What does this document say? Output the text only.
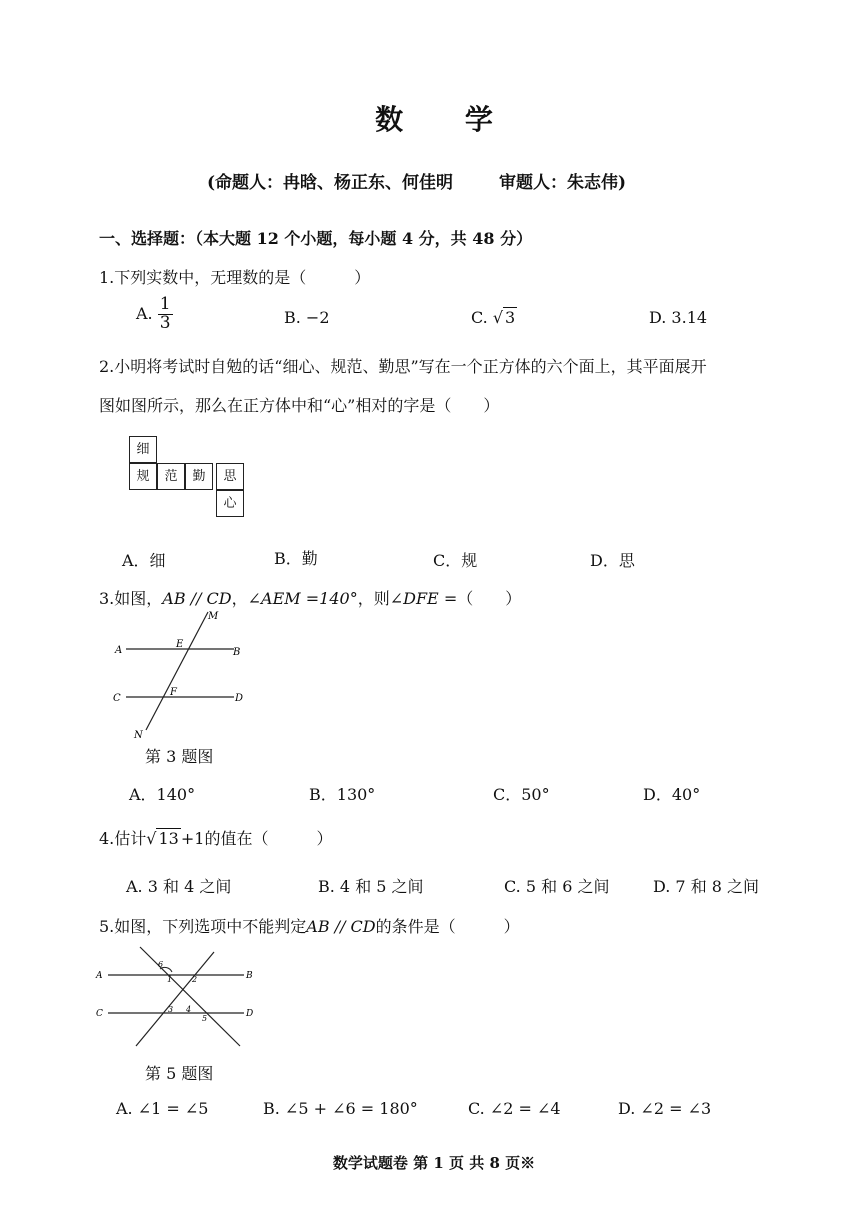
数 学
(命题人：冉晗、杨正东、何佳明	审题人：朱志伟)
一、选择题：（本大题 12 个小题，每小题 4 分，共 48 分）
1.下列实数中，无理数的是（　　　）
A. $\frac{1}{3}$	B. −2	C. √ 3	D. 3.14
2.小明将考试时自勉的话“细心、规范、勤思”写在一个正方体的六个面上，其平面展开
图如图所示，那么在正方体中和“心”相对的字是（　　）
细
规	范	勤	思
心
A．细	B．勤	C．规	D．思
3.如图，AB // CD，∠AEM =140°，则∠DFE =（　　）
M
A
E
B
C
F
D
N
第 3 题图
A．140°	B．130°	C．50°	D．40°
4.估计√ 13 +1的值在（　　　）
A. 3 和 4 之间	B. 4 和 5 之间	C. 5 和 6 之间	D. 7 和 8 之间
5.如图，下列选项中不能判定AB // CD的条件是（　　　）
A
6
1 2	B
C	3 4
5	D
第 5 题图
A. ∠1 = ∠5	B. ∠5 + ∠6 = 180°	C. ∠2 = ∠4	D. ∠2 = ∠3
数学试题卷 第 1 页 共 8 页※
